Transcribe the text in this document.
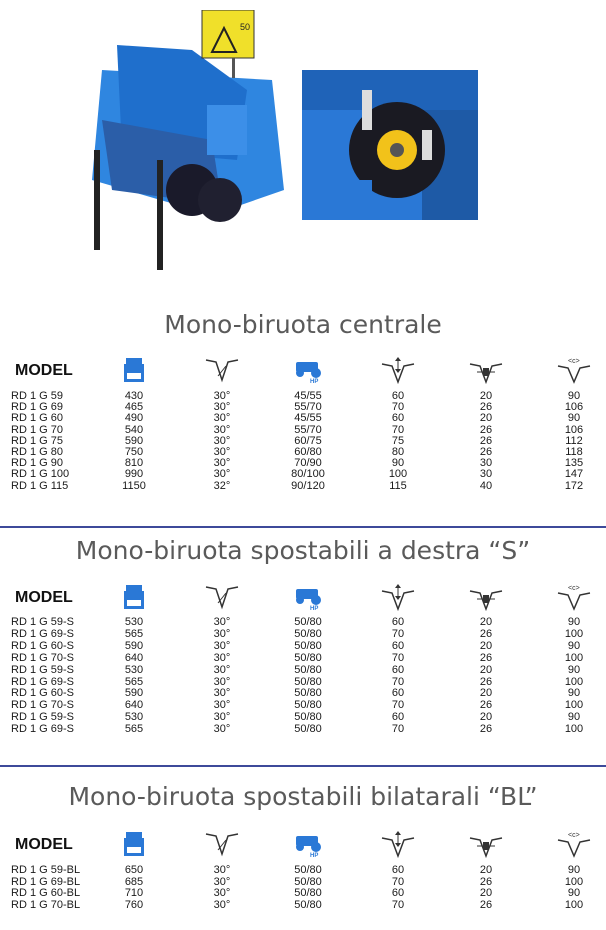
50
Mono-biruota centrale
MODEL
HP
<c>
RD 1 G 59	430	30°	45/55	60	20	90
RD 1 G 69	465	30°	55/70	70	26	106
RD 1 G 60	490	30°	45/55	60	20	90
RD 1 G 70	540	30°	55/70	70	26	106
RD 1 G 75	590	30°	60/75	75	26	112
RD 1 G 80	750	30°	60/80	80	26	118
RD 1 G 90	810	30°	70/90	90	30	135
RD 1 G 100	990	30°	80/100	100	30	147
RD 1 G 115	1150	32°	90/120	115	40	172
Mono-biruota spostabili a destra “S”
MODEL
HP
<c>
RD 1 G 59-S	530	30°	50/80	60	20	90
RD 1 G 69-S	565	30°	50/80	70	26	100
RD 1 G 60-S	590	30°	50/80	60	20	90
RD 1 G 70-S	640	30°	50/80	70	26	100
RD 1 G 59-S	530	30°	50/80	60	20	90
RD 1 G 69-S	565	30°	50/80	70	26	100
RD 1 G 60-S	590	30°	50/80	60	20	90
RD 1 G 70-S	640	30°	50/80	70	26	100
RD 1 G 59-S	530	30°	50/80	60	20	90
RD 1 G 69-S	565	30°	50/80	70	26	100
Mono-biruota spostabili bilatarali “BL”
MODEL
HP
<c>
RD 1 G 59-BL	650	30°	50/80	60	20	90
RD 1 G 69-BL	685	30°	50/80	70	26	100
RD 1 G 60-BL	710	30°	50/80	60	20	90
RD 1 G 70-BL	760	30°	50/80	70	26	100
